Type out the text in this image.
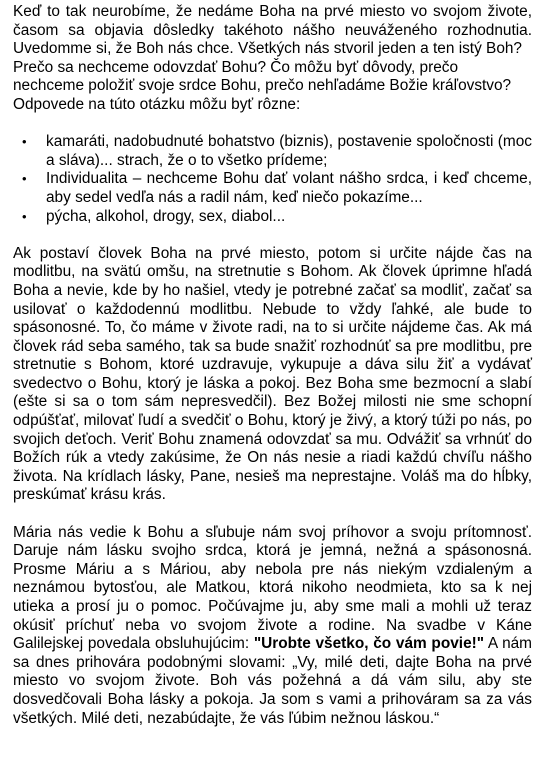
Keď to tak neurobíme, že nedáme Boha na prvé miesto vo svojom živote, časom sa objavia dôsledky takéhoto nášho neuváženého rozhodnutia. Uvedomme si, že Boh nás chce. Všetkých nás stvoril jeden a ten istý Boh?

Prečo sa nechceme odovzdať Bohu? Čo môžu byť dôvody, prečo nechceme položiť svoje srdce Bohu, prečo nehľadáme Božie kráľovstvo? Odpovede na túto otázku môžu byť rôzne:

• kamaráti, nadobudnuté bohatstvo (biznis), postavenie spoločnosti (moc a sláva)... strach, že o to všetko prídeme;
• Individualita – nechceme Bohu dať volant nášho srdca, i keď chceme, aby sedel vedľa nás a radil nám, keď niečo pokazíme...
• pýcha, alkohol, drogy, sex, diabol...

Ak postaví človek Boha na prvé miesto, potom si určite nájde čas na modlitbu, na svätú omšu, na stretnutie s Bohom. Ak človek úprimne hľadá Boha a nevie, kde by ho našiel, vtedy je potrebné začať sa modliť, začať sa usilovať o každodennú modlitbu. Nebude to vždy ľahké, ale bude to spásonosné. To, čo máme v živote radi, na to si určite nájdeme čas. Ak má človek rád seba samého, tak sa bude snažiť rozhodnúť sa pre modlitbu, pre stretnutie s Bohom, ktoré uzdravuje, vykupuje a dáva silu žiť a vydávať svedectvo o Bohu, ktorý je láska a pokoj. Bez Boha sme bezmocní a slabí (ešte si sa o tom sám nepresvedčil). Bez Božej milosti nie sme schopní odpúšťať, milovať ľudí a svedčiť o Bohu, ktorý je živý, a ktorý túži po nás, po svojich deťoch. Veriť Bohu znamená odovzdať sa mu. Odvážiť sa vrhnúť do Božích rúk a vtedy zakúsime, že On nás nesie a riadi každú chvíľu nášho života. Na krídlach lásky, Pane, nesieš ma neprestajne. Voláš ma do hĺbky, preskúmať krásu krás.

Mária nás vedie k Bohu a sľubuje nám svoj príhovor a svoju prítomnosť. Daruje nám lásku svojho srdca, ktorá je jemná, nežná a spásonosná. Prosme Máriu a s Máriou, aby nebola pre nás niekým vzdialeným a neznámou bytosťou, ale Matkou, ktorá nikoho neodmieta, kto sa k nej utieka a prosí ju o pomoc. Počúvajme ju, aby sme mali a mohli už teraz okúsiť príchuť neba vo svojom živote a rodine. Na svadbe v Káne Galilejskej povedala obsluhujúcim: "Urobte všetko, čo vám povie!" A nám sa dnes prihovára podobnými slovami: „Vy, milé deti, dajte Boha na prvé miesto vo svojom živote. Boh vás požehná a dá vám silu, aby ste dosvedčovali Boha lásky a pokoja. Ja som s vami a prihováram sa za vás všetkých. Milé deti, nezabúdajte, že vás ľúbim nežnou láskou.“
